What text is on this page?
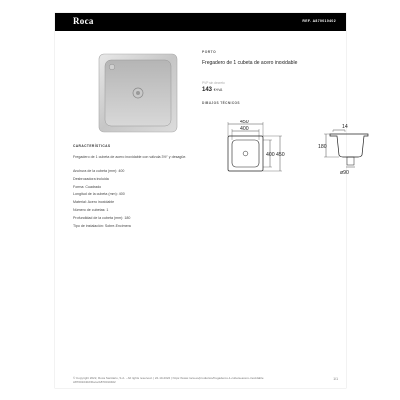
Roca	REF. A870010402
PORTO
Fregadero de 1 cubeta de acero inoxidable
PVP sin decreto
143 €+IVA
DIBUJOS TÉCNICOS
450
400
400 450
14
180
ø90
CARACTERÍSTICAS
Fregadero de 1 cubeta de acero inoxidable con válvula 3½" y desagüe.
Anchura de la cubeta (mm): 400
Desbrozadora incluida
Forma: Cuadrado
Longitud de la cubeta (mm): 400
Material: Acero inoxidable
Número de cubetas: 1
Profundidad de la cubeta (mm): 180
Tipo de instalación: Sobre-Encimera
© Copyright 2022, Roca Sanitario, S.A. - All rights reserved. | 22-10-2022 | https://www.roca.es/productos/fregaderos-1-cubeta-acero-inoxidable
A870010402/Roca/A870010402
1/1
